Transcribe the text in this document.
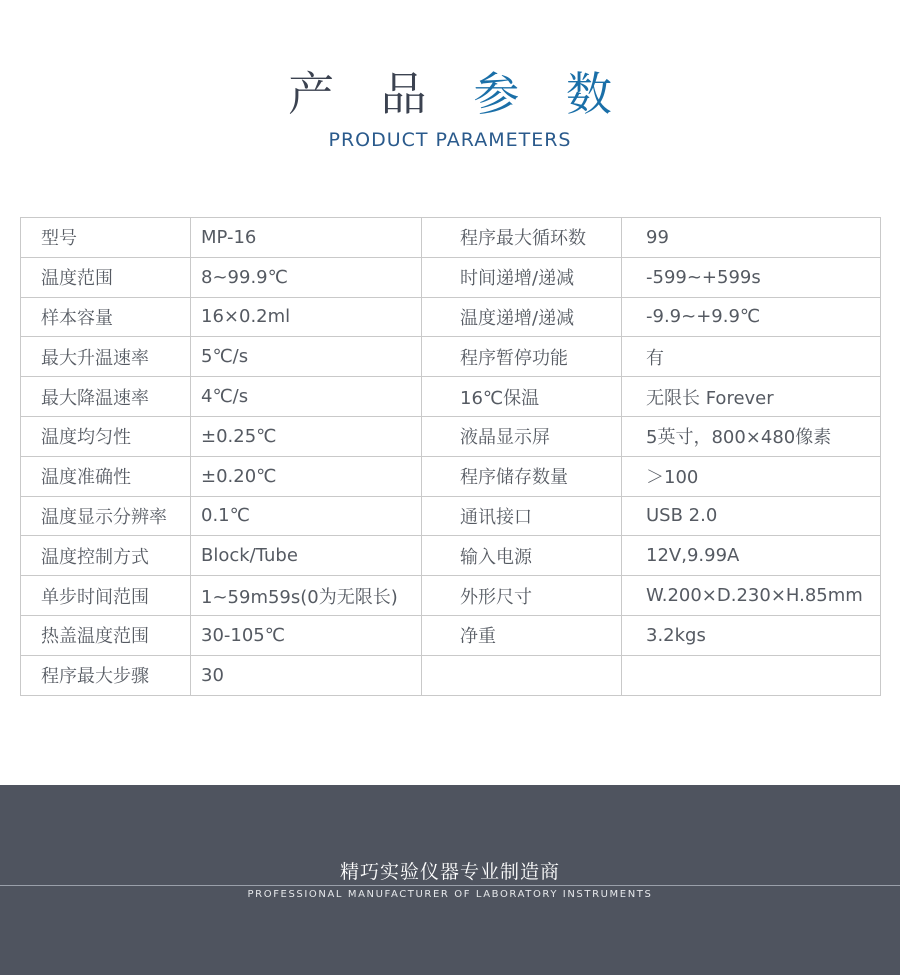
产 品 参 数
PRODUCT PARAMETERS
型号	MP-16	程序最大循环数	99
温度范围	8~99.9℃	时间递增/递减	-599~+599s
样本容量	16×0.2ml	温度递增/递减	-9.9~+9.9℃
最大升温速率	5℃/s	程序暂停功能	有
最大降温速率	4℃/s	16℃保温	无限长 Forever
温度均匀性	±0.25℃	液晶显示屏	5英寸，800×480像素
温度准确性	±0.20℃	程序储存数量	＞100
温度显示分辨率	0.1℃	通讯接口	USB 2.0
温度控制方式	Block/Tube	输入电源	12V,9.99A
单步时间范围	1~59m59s(0为无限长)	外形尺寸	W.200×D.230×H.85mm
热盖温度范围	30-105℃	净重	3.2kgs
程序最大步骤	30		
精巧实验仪器专业制造商
PROFESSIONAL MANUFACTURER OF LABORATORY INSTRUMENTS
